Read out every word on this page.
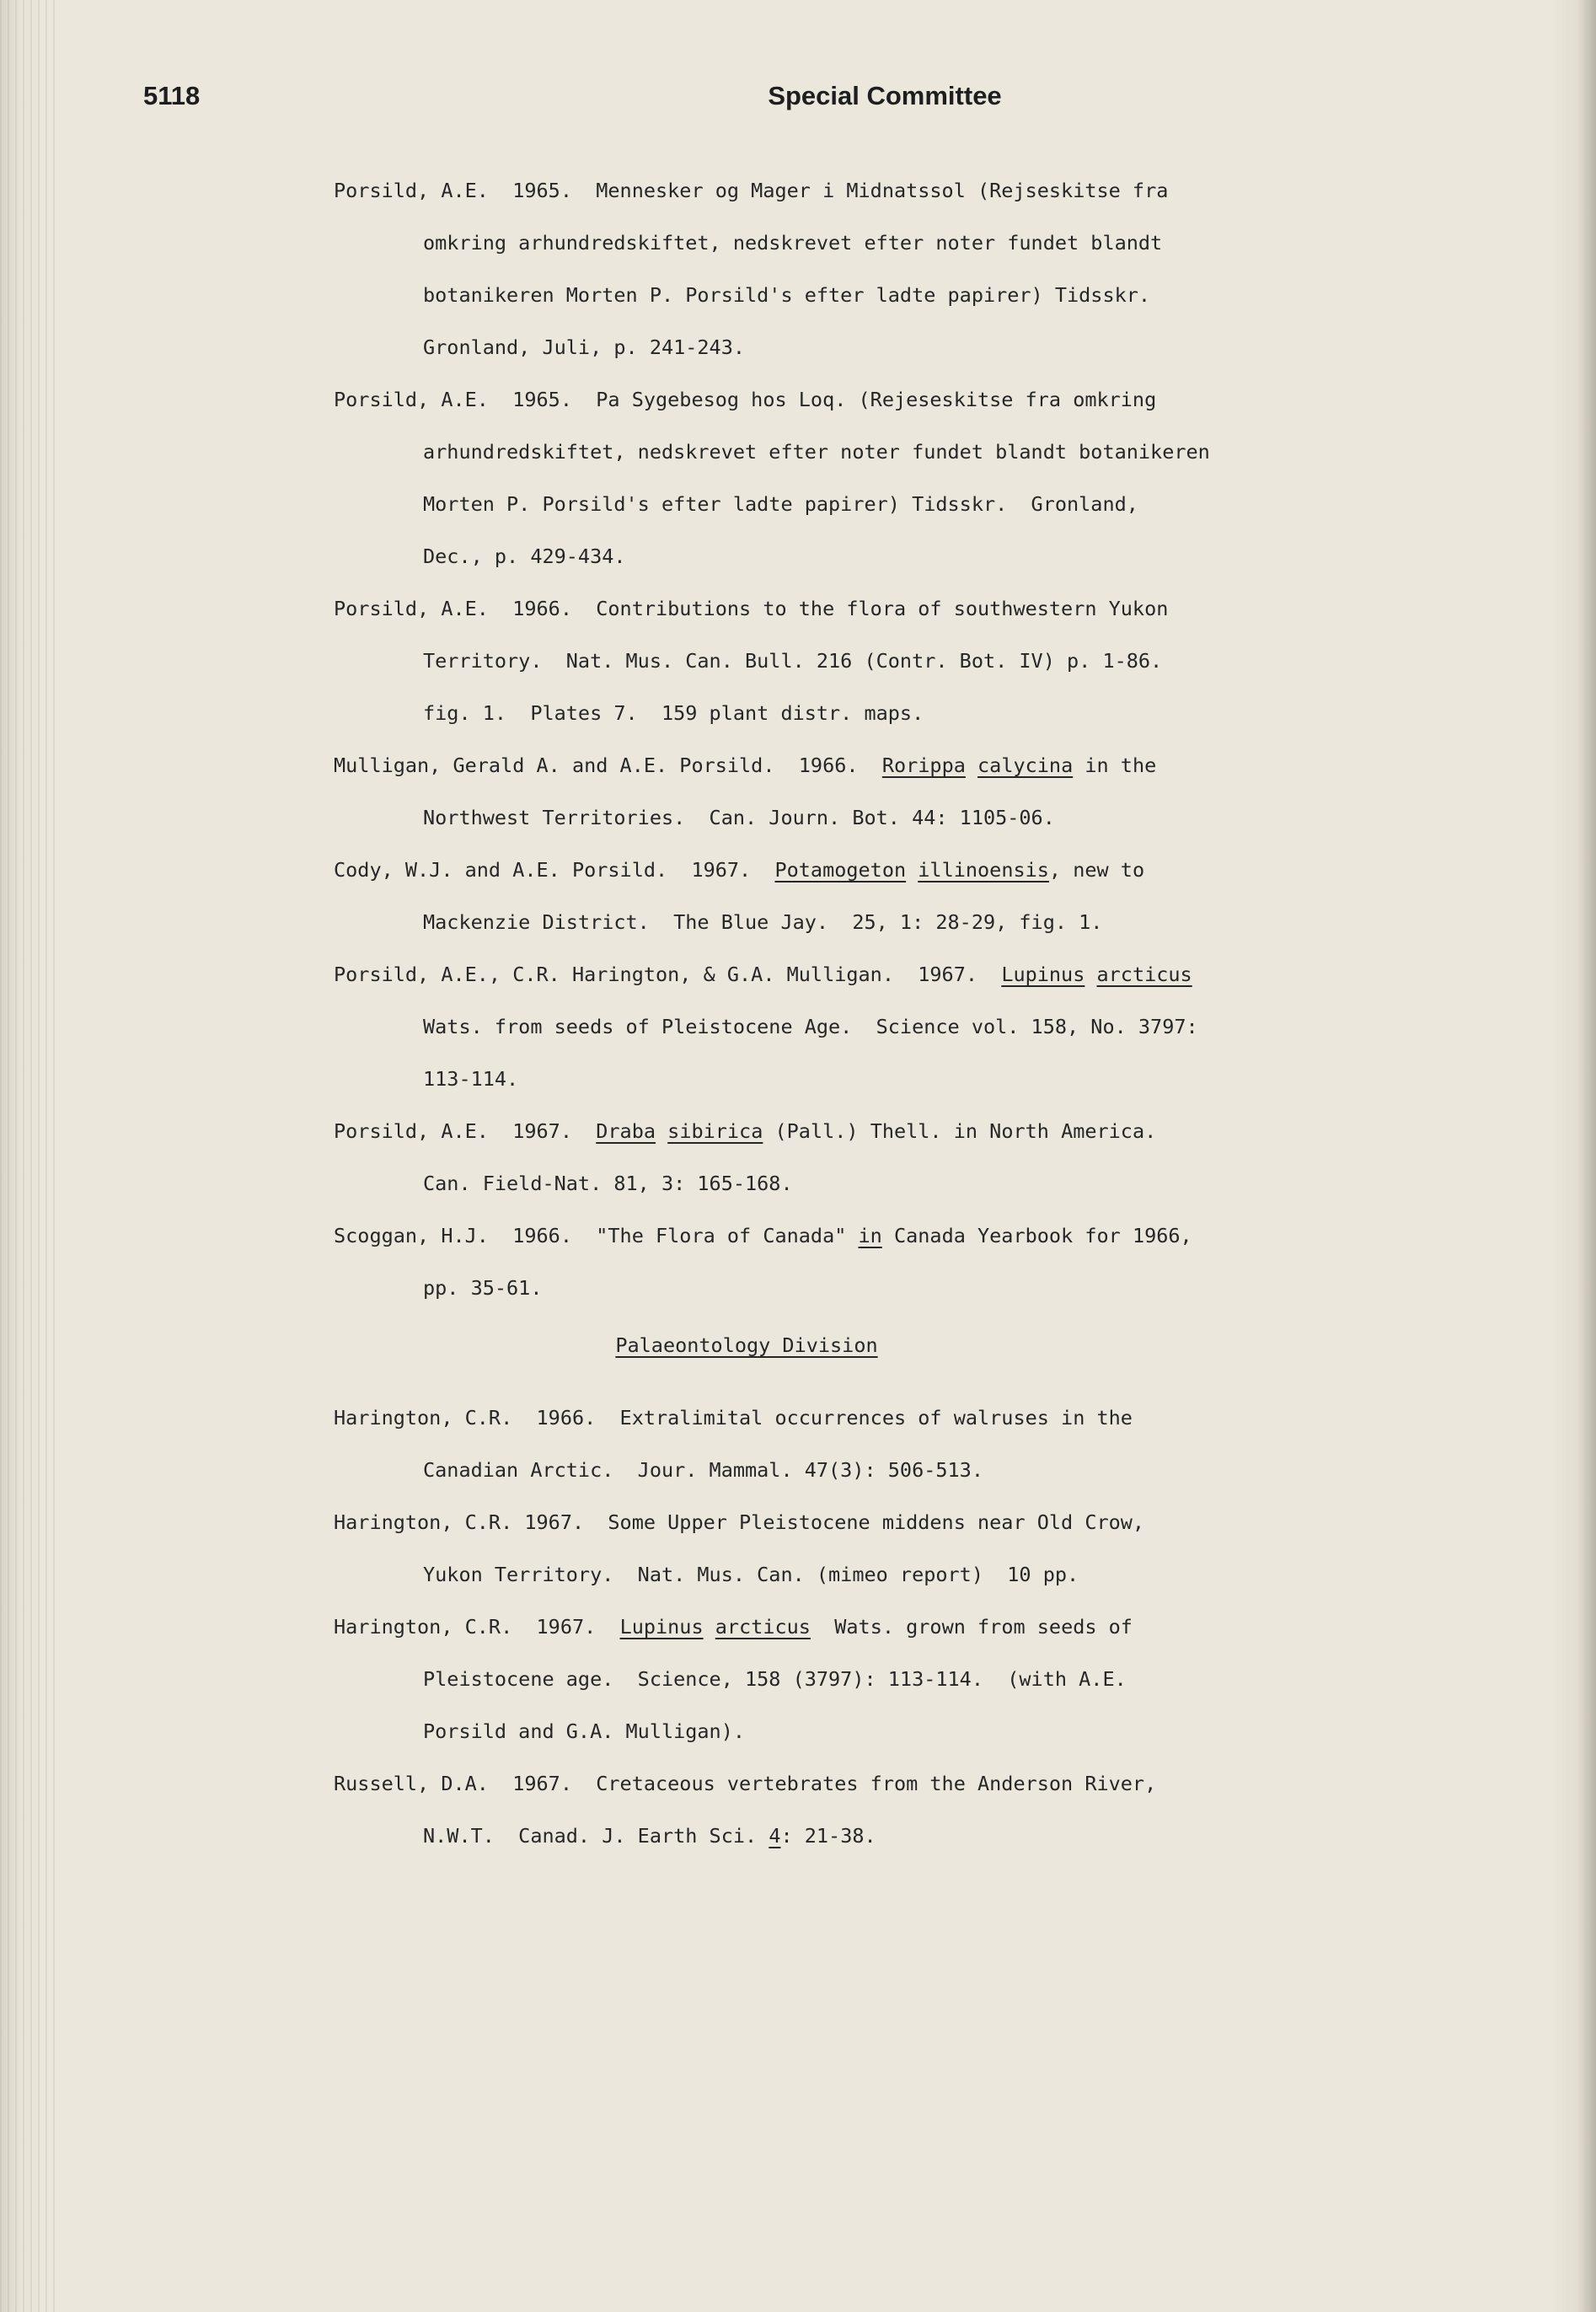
5118	Special Committee
Porsild, A.E.  1965.  Mennesker og Mager i Midnatssol (Rejseskitse fra
omkring arhundredskiftet, nedskrevet efter noter fundet blandt
botanikeren Morten P. Porsild's efter ladte papirer) Tidsskr.
Gronland, Juli, p. 241-243.
Porsild, A.E.  1965.  Pa Sygebesog hos Loq. (Rejeseskitse fra omkring
arhundredskiftet, nedskrevet efter noter fundet blandt botanikeren
Morten P. Porsild's efter ladte papirer) Tidsskr.  Gronland,
Dec., p. 429-434.
Porsild, A.E.  1966.  Contributions to the flora of southwestern Yukon
Territory.  Nat. Mus. Can. Bull. 216 (Contr. Bot. IV) p. 1-86.
fig. 1.  Plates 7.  159 plant distr. maps.
Mulligan, Gerald A. and A.E. Porsild.  1966.  Rorippa calycina in the
Northwest Territories.  Can. Journ. Bot. 44: 1105-06.
Cody, W.J. and A.E. Porsild.  1967.  Potamogeton illinoensis, new to
Mackenzie District.  The Blue Jay.  25, 1: 28-29, fig. 1.
Porsild, A.E., C.R. Harington, & G.A. Mulligan.  1967.  Lupinus arcticus
Wats. from seeds of Pleistocene Age.  Science vol. 158, No. 3797:
113-114.
Porsild, A.E.  1967.  Draba sibirica (Pall.) Thell. in North America.
Can. Field-Nat. 81, 3: 165-168.
Scoggan, H.J.  1966.  "The Flora of Canada" in Canada Yearbook for 1966,
pp. 35-61.
Palaeontology Division
Harington, C.R.  1966.  Extralimital occurrences of walruses in the
Canadian Arctic.  Jour. Mammal. 47(3): 506-513.
Harington, C.R. 1967.  Some Upper Pleistocene middens near Old Crow,
Yukon Territory.  Nat. Mus. Can. (mimeo report)  10 pp.
Harington, C.R.  1967.  Lupinus arcticus  Wats. grown from seeds of
Pleistocene age.  Science, 158 (3797): 113-114.  (with A.E.
Porsild and G.A. Mulligan).
Russell, D.A.  1967.  Cretaceous vertebrates from the Anderson River,
N.W.T.  Canad. J. Earth Sci. 4: 21-38.
